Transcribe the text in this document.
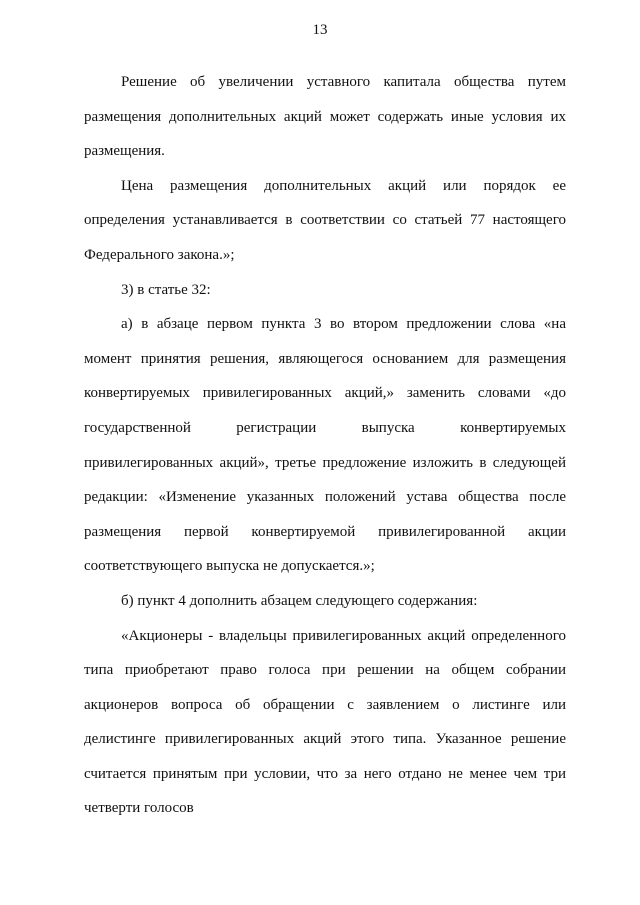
13

Решение об увеличении уставного капитала общества путем размещения дополнительных акций может содержать иные условия их размещения.

Цена размещения дополнительных акций или порядок ее определения устанавливается в соответствии со статьей 77 настоящего Федерального закона.»;

3) в статье 32:

а) в абзаце первом пункта 3 во втором предложении слова «на момент принятия решения, являющегося основанием для размещения конвертируемых привилегированных акций,» заменить словами «до государственной регистрации выпуска конвертируемых привилегированных акций», третье предложение изложить в следующей редакции: «Изменение указанных положений устава общества после размещения первой конвертируемой привилегированной акции соответствующего выпуска не допускается.»;

б) пункт 4 дополнить абзацем следующего содержания:

«Акционеры - владельцы привилегированных акций определенного типа приобретают право голоса при решении на общем собрании акционеров вопроса об обращении с заявлением о листинге или делистинге привилегированных акций этого типа. Указанное решение считается принятым при условии, что за него отдано не менее чем три четверти голосов
